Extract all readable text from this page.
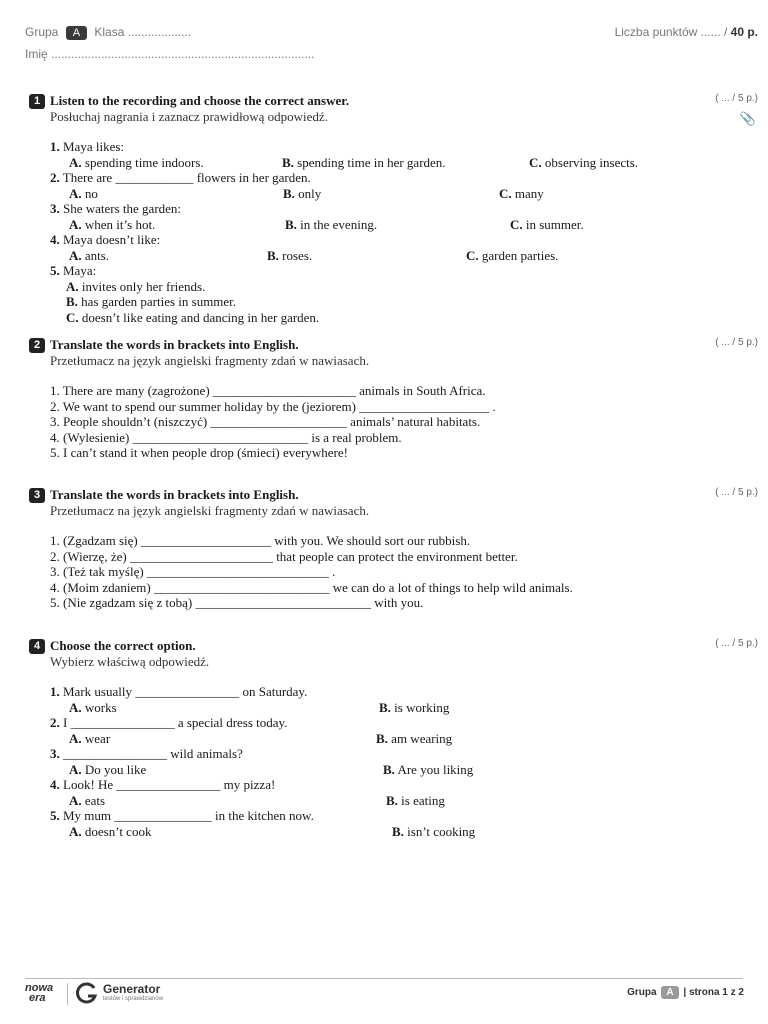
Grupa A Klasa ...................	Liczba punktów ...... / 40 p.
Imię ...............................................................................
1 Listen to the recording and choose the correct answer.	( ... / 5 p.)
Posłuchaj nagrania i zaznacz prawidłową odpowiedź.	📎
1. Maya likes:
A. spending time indoors.	B. spending time in her garden.	C. observing insects.
2. There are ____________ flowers in her garden.
A. no	B. only	C. many
3. She waters the garden:
A. when it’s hot.	B. in the evening.	C. in summer.
4. Maya doesn’t like:
A. ants.	B. roses.	C. garden parties.
5. Maya:
A. invites only her friends.
B. has garden parties in summer.
C. doesn’t like eating and dancing in her garden.
2 Translate the words in brackets into English.	( ... / 5 p.)
Przetłumacz na język angielski fragmenty zdań w nawiasach.
1. There are many (zagrożone) ______________________ animals in South Africa.
2. We want to spend our summer holiday by the (jeziorem) ____________________ .
3. People shouldn’t (niszczyć) _____________________ animals’ natural habitats.
4. (Wylesienie) ___________________________ is a real problem.
5. I can’t stand it when people drop (śmieci) everywhere!
3 Translate the words in brackets into English.	( ... / 5 p.)
Przetłumacz na język angielski fragmenty zdań w nawiasach.
1. (Zgadzam się) ____________________ with you. We should sort our rubbish.
2. (Wierzę, że) ______________________ that people can protect the environment better.
3. (Też tak myślę) ____________________________ .
4. (Moim zdaniem) ___________________________ we can do a lot of things to help wild animals.
5. (Nie zgadzam się z tobą) ___________________________ with you.
4 Choose the correct option.	( ... / 5 p.)
Wybierz właściwą odpowiedź.
1. Mark usually ________________ on Saturday.
A. works	B. is working
2. I ________________ a special dress today.
A. wear	B. am wearing
3. ________________ wild animals?
A. Do you like	B. Are you liking
4. Look! He ________________ my pizza!
A. eats	B. is eating
5. My mum _______________ in the kitchen now.
A. doesn’t cook	B. isn’t cooking
nowa
era
Generator
testów i sprawdzianów
Grupa A | strona 1 z 2
